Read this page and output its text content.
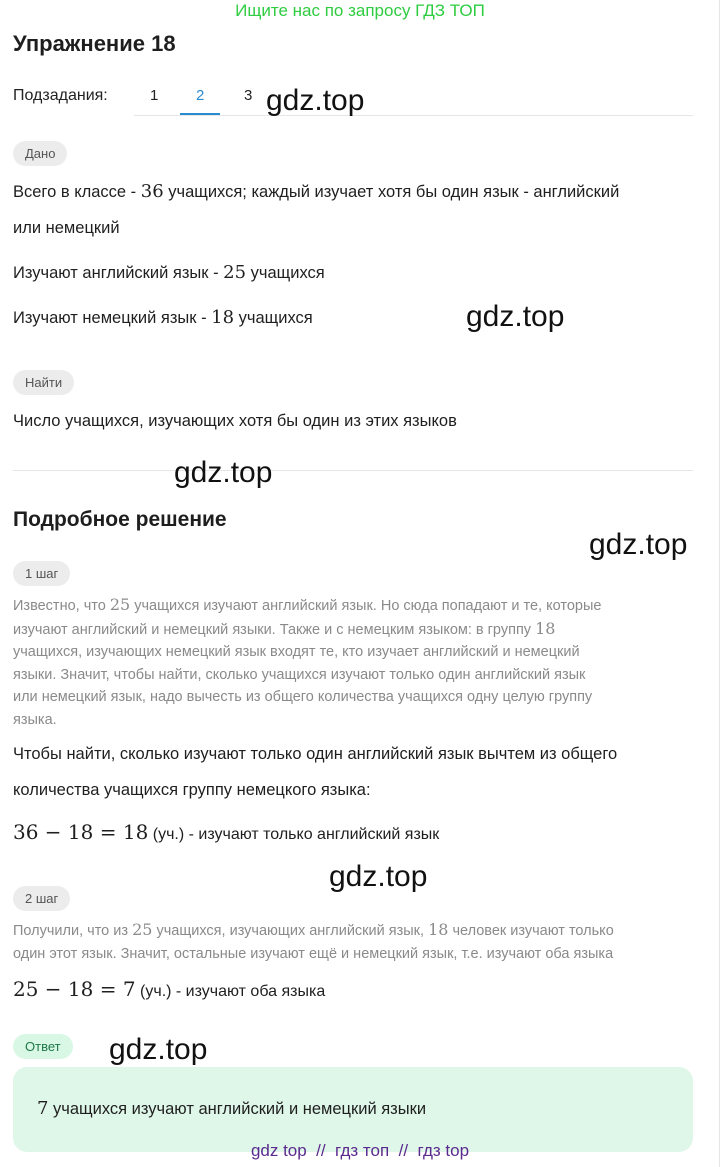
Ищите нас по запросу ГДЗ ТОП
Упражнение 18
Подзадания:	1	2	3
Дано
Всего в классе - 36 учащихся; каждый изучает хотя бы один язык - английский
или немецкий
Изучают английский язык - 25 учащихся
Изучают немецкий язык - 18 учащихся
Найти
Число учащихся, изучающих хотя бы один из этих языков
Подробное решение
1 шаг
Известно, что 25 учащихся изучают английский язык. Но сюда попадают и те, которые
изучают английский и немецкий языки. Также и с немецким языком: в группу 18
учащихся, изучающих немецкий язык входят те, кто изучает английский и немецкий
языки. Значит, чтобы найти, сколько учащихся изучают только один английский язык
или немецкий язык, надо вычесть из общего количества учащихся одну целую группу
языка.
Чтобы найти, сколько изучают только один английский язык вычтем из общего
количества учащихся группу немецкого языка:
36 − 18 = 18 (уч.) - изучают только английский язык
2 шаг
Получили, что из 25 учащихся, изучающих английский язык, 18 человек изучают только
один этот язык. Значит, остальные изучают ещё и немецкий язык, т.е. изучают оба языка
25 − 18 = 7 (уч.) - изучают оба языка
Ответ
7 учащихся изучают английский и немецкий языки
gdz.top
gdz.top
gdz.top
gdz.top
gdz.top
gdz.top
gdz top  //  гдз топ  //  гдз top
